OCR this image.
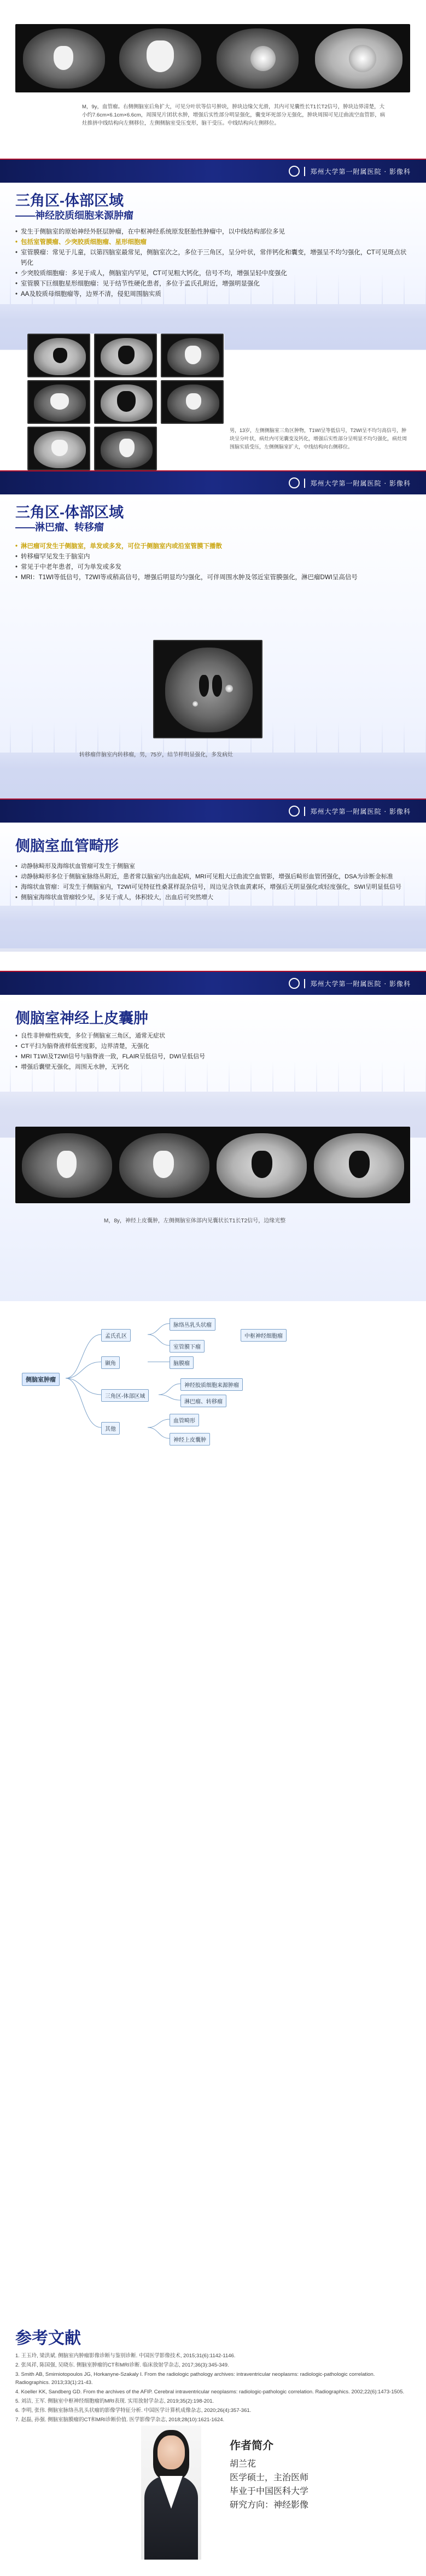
M，9y，血管瘤。右侧侧脑室后角扩大，可见分叶状等信号肿块，肿块边缘欠光滑，其内可见囊性长T1长T2信号，肿块边界清楚，大小约7.6cm×6.1cm×6.6cm，周围见片团状水肿，增强后实性部分明显强化，囊变坏死部分无强化，肿块周围可见迂曲流空血管影，病灶推挤中线结构向左侧移位，左侧侧脑室受压变形，脑干受压。中线结构向左侧移位。
郑州大学第一附属医院 · 影像科
三角区-体部区域
——神经胶质细胞来源肿瘤
• 发生于侧脑室的原始神经外胚层肿瘤，在中枢神经系统原发胚胎性肿瘤中，以中线结构部位多见
• 包括室管膜瘤、少突胶质细胞瘤、星形细胞瘤
• 室管膜瘤：常见于儿童，以第四脑室最常见，侧脑室次之，多位于三角区，呈分叶状，常伴钙化和囊变，增强呈不均匀强化，CT可见斑点状钙化
• 少突胶质细胞瘤：多见于成人，侧脑室内罕见，CT可见粗大钙化，信号不均，增强呈轻中度强化
• 室管膜下巨细胞星形细胞瘤：见于结节性硬化患者，多位于孟氏孔附近，增强明显强化
• AA及胶质母细胞瘤等，边界不清，侵犯周围脑实质
郑州大学第一附属医院 · 影像科
男，13岁，左侧侧脑室三角区肿物，T1WI呈等低信号，T2WI呈不均匀高信号，肿块呈分叶状，病灶内可见囊变及钙化，增强后实性部分呈明显不均匀强化，病灶周围脑实质受压，左侧侧脑室扩大，中线结构向右侧移位。
三角区-体部区域
——淋巴瘤、转移瘤
• 淋巴瘤可发生于侧脑室，单发或多发，可位于侧脑室内或沿室管膜下播散
• 转移瘤罕见发生于脑室内
• 常见于中老年患者，可为单发或多发
• MRI：T1WI等低信号，T2WI等或稍高信号，增强后明显均匀强化，可伴周围水肿及邻近室管膜强化，淋巴瘤DWI呈高信号
转移瘤伴脑室内转移瘤，男，75岁，结节样明显强化，多发病灶
郑州大学第一附属医院 · 影像科
侧脑室血管畸形
• 动静脉畸形及海绵状血管瘤可发生于侧脑室
• 动静脉畸形多位于侧脑室脉络丛附近，患者常以脑室内出血起病，MRI可见粗大迂曲流空血管影，增强后畸形血管团强化，DSA为诊断金标准
• 海绵状血管瘤：可发生于侧脑室内，T2WI可见特征性桑葚样混杂信号，周边见含铁血黄素环，增强后无明显强化或轻度强化，SWI呈明显低信号
• 侧脑室海绵状血管瘤较少见，多见于成人，体积较大，出血后可突然增大
郑州大学第一附属医院 · 影像科
侧脑室神经上皮囊肿
• 良性非肿瘤性病变，多位于侧脑室三角区，通常无症状
• CT平扫为脑脊液样低密度影，边界清楚，无强化
• MRI T1WI及T2WI信号与脑脊液一致，FLAIR呈低信号，DWI呈低信号
• 增强后囊壁无强化，周围无水肿，无钙化
M，8y，神经上皮囊肿，左侧侧脑室体部内见囊状长T1长T2信号，边缘光整
侧脑室肿瘤
孟氏孔区
三角区-体部区域
颞角
其他
脉络丛乳头状瘤
室管膜下瘤
中枢神经细胞瘤
脑膜瘤
神经胶质细胞来源肿瘤
淋巴瘤、转移瘤
血管畸形
神经上皮囊肿
参考文献
1. 王玉玲, 梁洪斌. 侧脑室内肿瘤影像诊断与鉴别诊断. 中国医学影像技术, 2015;31(6):1142-1146.
2. 张凤祥, 陈国强, 吴晓东. 侧脑室肿瘤的CT和MRI诊断. 临床放射学杂志, 2017;36(3):345-349.
3. Smith AB, Smirniotopoulos JG, Horkanyne-Szakaly I. From the radiologic pathology archives: intraventricular neoplasms: radiologic-pathologic correlation. Radiographics. 2013;33(1):21-43.
4. Koeller KK, Sandberg GD. From the archives of the AFIP. Cerebral intraventricular neoplasms: radiologic-pathologic correlation. Radiographics. 2002;22(6):1473-1505.
5. 刘洁, 王军. 侧脑室中枢神经细胞瘤的MRI表现. 实用放射学杂志, 2019;35(2):198-201.
6. 李明, 张伟. 侧脑室脉络丛乳头状瘤的影像学特征分析. 中国医学计算机成像杂志, 2020;26(4):357-361.
7. 赵磊, 孙强. 侧脑室脑膜瘤的CT和MRI诊断价值. 医学影像学杂志, 2018;28(10):1621-1624.
作者简介
胡兰花
医学硕士，主治医师
毕业于中国医科大学
研究方向：神经影像
